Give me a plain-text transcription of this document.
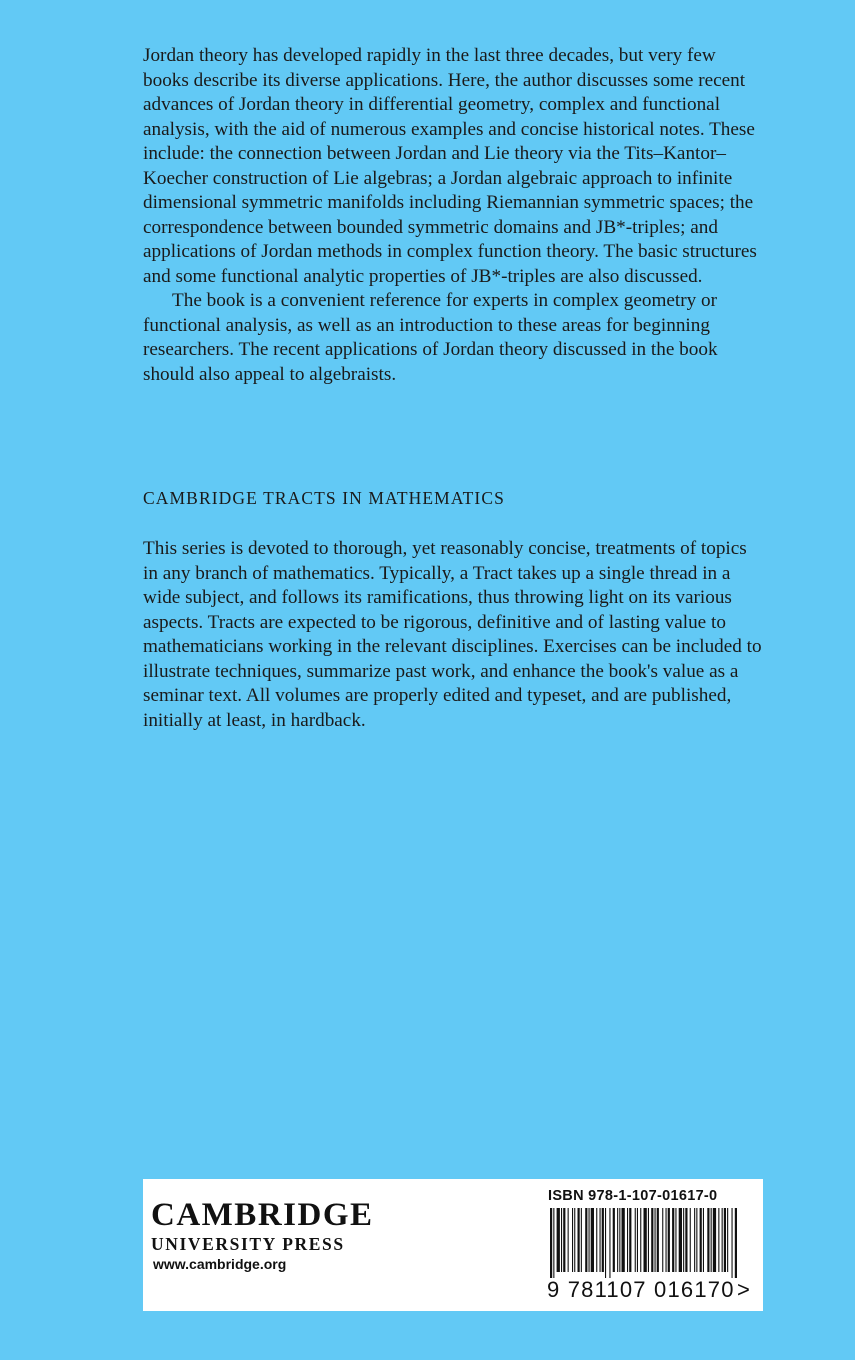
Jordan theory has developed rapidly in the last three decades, but very few books describe its diverse applications. Here, the author discusses some recent advances of Jordan theory in differential geometry, complex and functional analysis, with the aid of numerous examples and concise historical notes. These include: the connection between Jordan and Lie theory via the Tits–Kantor–Koecher construction of Lie algebras; a Jordan algebraic approach to infinite dimensional symmetric manifolds including Riemannian symmetric spaces; the correspondence between bounded symmetric domains and JB*-triples; and applications of Jordan methods in complex function theory. The basic structures and some functional analytic properties of JB*-triples are also discussed.

The book is a convenient reference for experts in complex geometry or functional analysis, as well as an introduction to these areas for beginning researchers. The recent applications of Jordan theory discussed in the book should also appeal to algebraists.

CAMBRIDGE TRACTS IN MATHEMATICS

This series is devoted to thorough, yet reasonably concise, treatments of topics in any branch of mathematics. Typically, a Tract takes up a single thread in a wide subject, and follows its ramifications, thus throwing light on its various aspects. Tracts are expected to be rigorous, definitive and of lasting value to mathematicians working in the relevant disciplines. Exercises can be included to illustrate techniques, summarize past work, and enhance the book's value as a seminar text. All volumes are properly edited and typeset, and are published, initially at least, in hardback.

CAMBRIDGE
UNIVERSITY PRESS
www.cambridge.org
ISBN 978-1-107-01617-0
9 781107 016170 >
